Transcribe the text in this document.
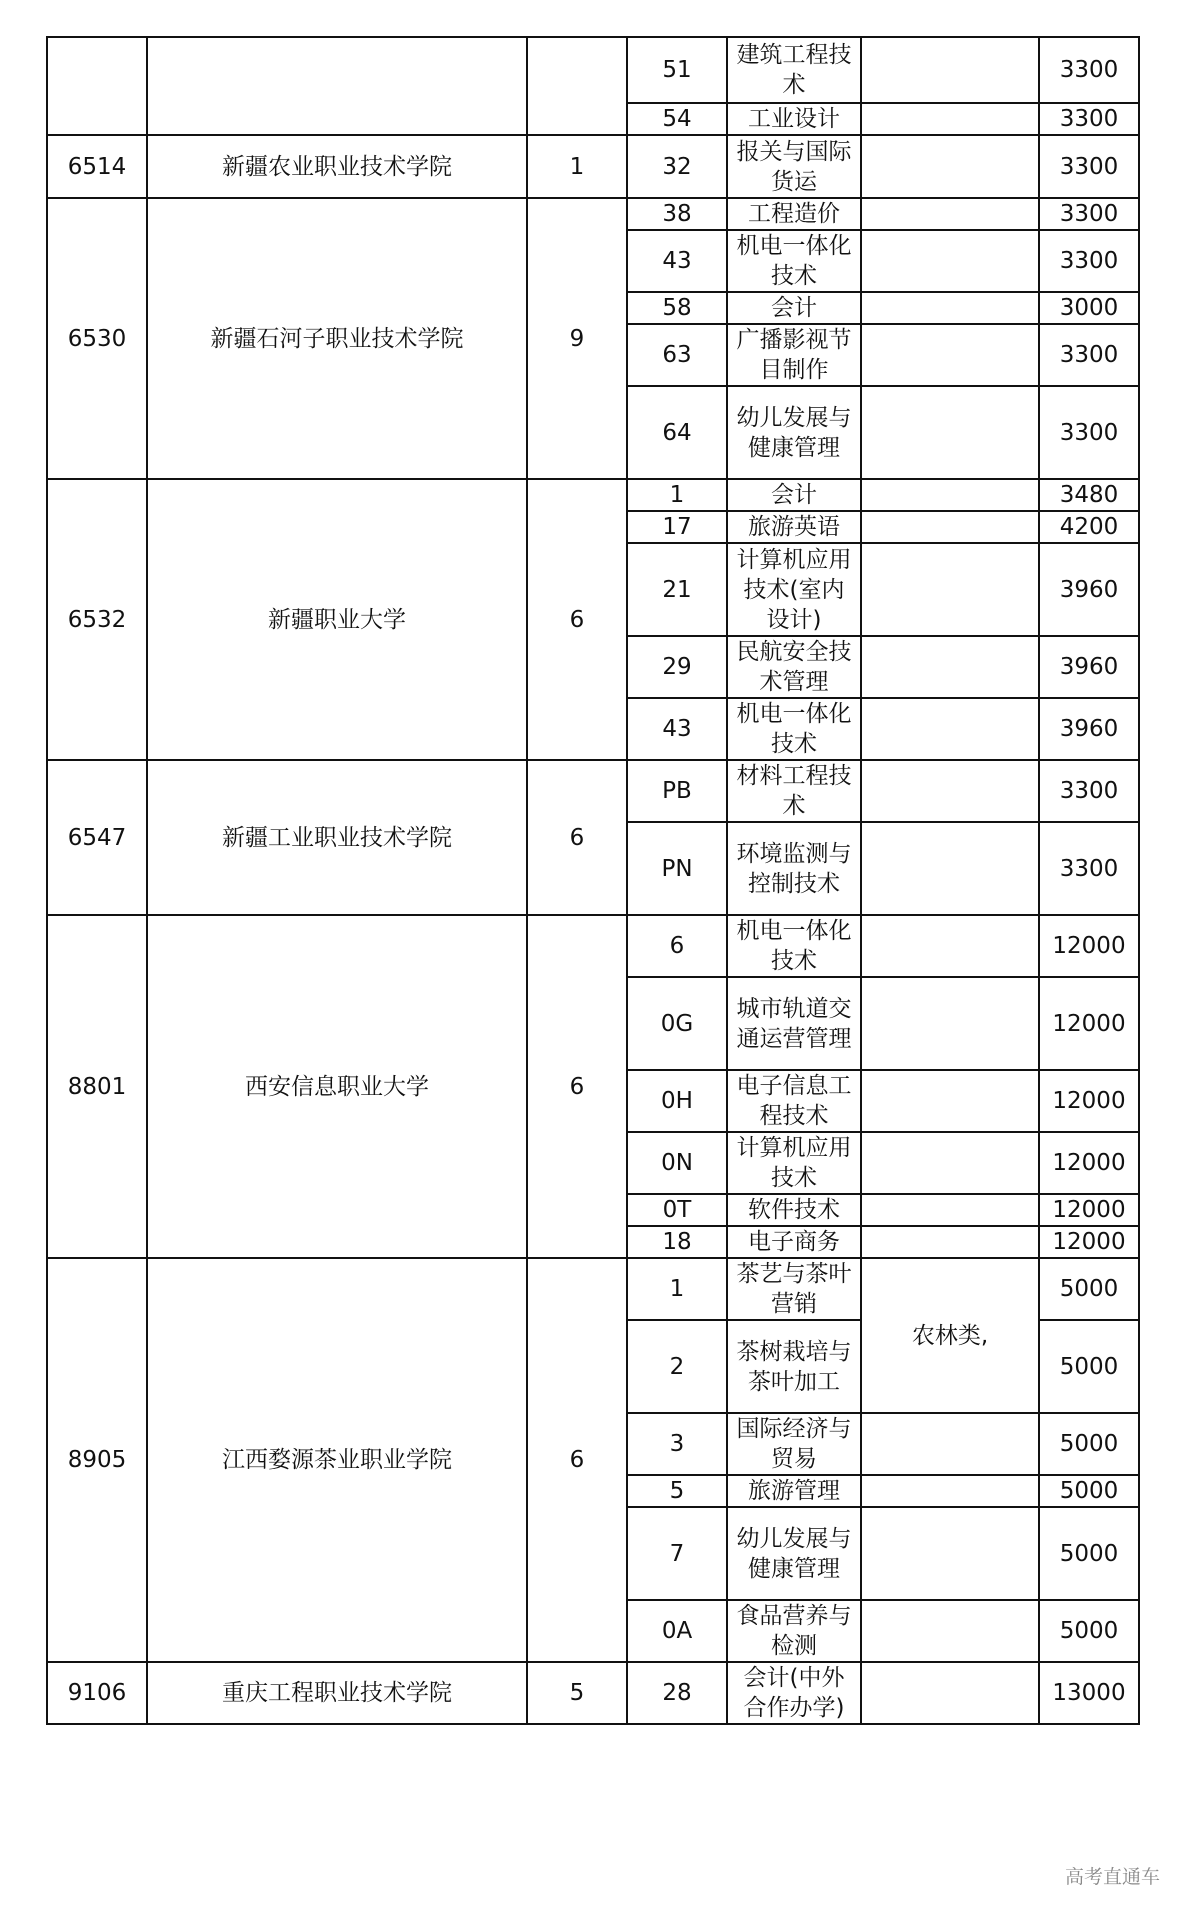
			51	建筑工程技术		3300
			54	工业设计		3300
6514	新疆农业职业技术学院	1	32	报关与国际货运		3300
6530	新疆石河子职业技术学院	9	38	工程造价		3300
			43	机电一体化技术		3300
			58	会计		3000
			63	广播影视节目制作		3300
			64	幼儿发展与健康管理		3300
6532	新疆职业大学	6	1	会计		3480
			17	旅游英语		4200
			21	计算机应用技术(室内设计)		3960
			29	民航安全技术管理		3960
			43	机电一体化技术		3960
6547	新疆工业职业技术学院	6	PB	材料工程技术		3300
			PN	环境监测与控制技术		3300
8801	西安信息职业大学	6	6	机电一体化技术		12000
			0G	城市轨道交通运营管理		12000
			0H	电子信息工程技术		12000
			0N	计算机应用技术		12000
			0T	软件技术		12000
			18	电子商务		12000
8905	江西婺源茶业职业学院	6	1	茶艺与茶叶营销	农林类,	5000
			2	茶树栽培与茶叶加工		5000
			3	国际经济与贸易		5000
			5	旅游管理		5000
			7	幼儿发展与健康管理		5000
			0A	食品营养与检测		5000
9106	重庆工程职业技术学院	5	28	会计(中外合作办学)		13000
高考直通车
